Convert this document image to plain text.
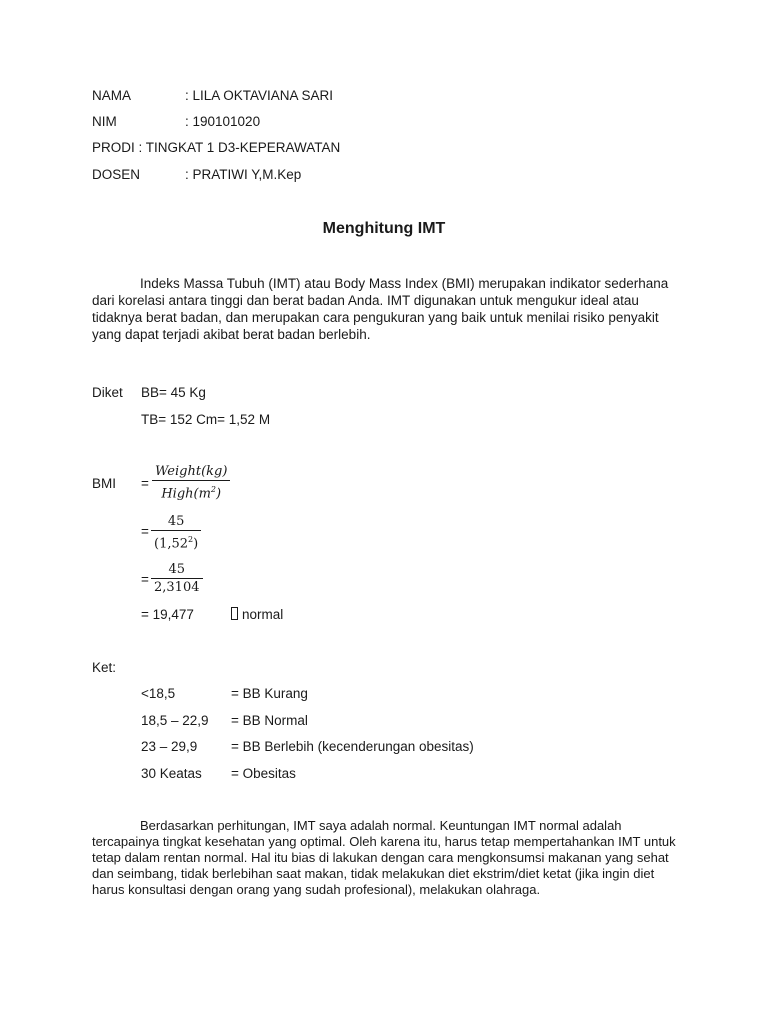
NAMA	: LILA OKTAVIANA SARI
NIM	: 190101020
PRODI : TINGKAT 1 D3-KEPERAWATAN
DOSEN	: PRATIWI Y,M.Kep
Menghitung IMT

Indeks Massa Tubuh (IMT) atau Body Mass Index (BMI) merupakan indikator sederhana dari korelasi antara tinggi dan berat badan Anda. IMT digunakan untuk mengukur ideal atau tidaknya berat badan, dan merupakan cara pengukuran yang baik untuk menilai risiko penyakit yang dapat terjadi akibat berat badan berlebih.

Diket BB= 45 Kg
TB= 152 Cm= 1,52 M
BMI =
Weight(kg)
$High(m^2)$
=
45
$(1,52^2)$
=
45
2,3104
= 19,477	normal
Ket:
<18,5	= BB Kurang
18,5 – 22,9 = BB Normal
23 – 29,9 = BB Berlebih (kecenderungan obesitas)
30 Keatas = Obesitas

Berdasarkan perhitungan, IMT saya adalah normal. Keuntungan IMT normal adalah tercapainya tingkat kesehatan yang optimal. Oleh karena itu, harus tetap mempertahankan IMT untuk tetap dalam rentan normal. Hal itu bias di lakukan dengan cara mengkonsumsi makanan yang sehat dan seimbang, tidak berlebihan saat makan, tidak melakukan diet ekstrim/diet ketat (jika ingin diet harus konsultasi dengan orang yang sudah profesional), melakukan olahraga.
